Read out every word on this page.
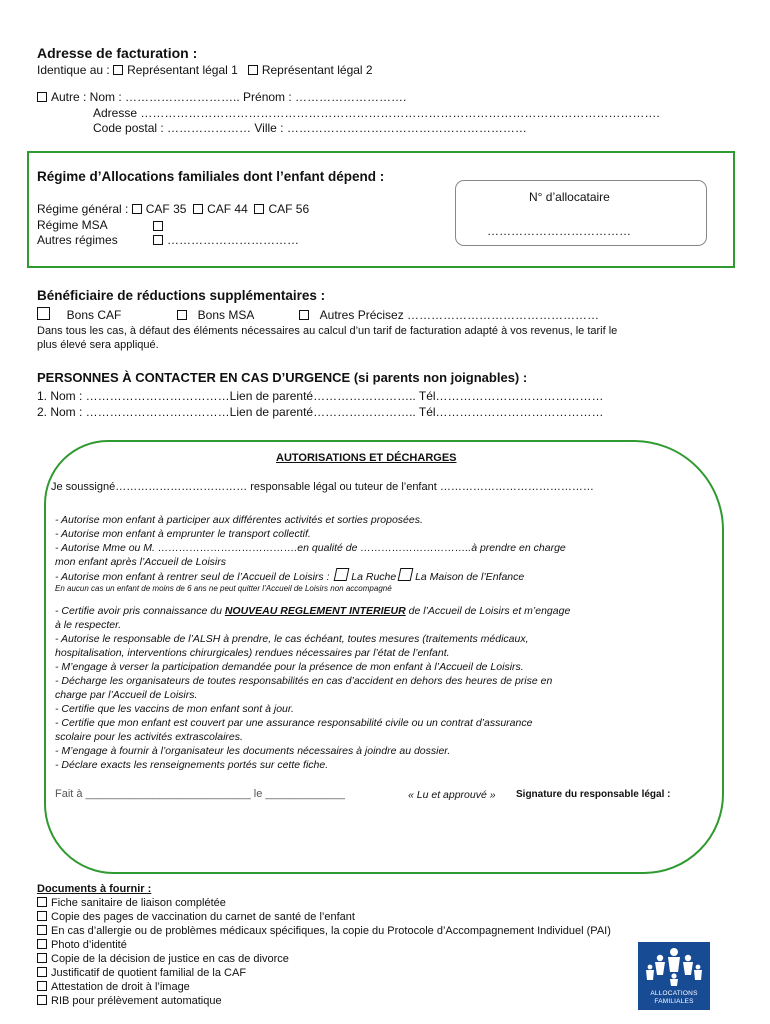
Adresse de facturation :
Identique au : Représentant légal 1 Représentant légal 2
Autre : Nom : ……………………….. Prénom : ……………………….
Adresse ………………………………………………………………………………………………………………….
Code postal : ………………… Ville : ……………………………………………………
Régime d’Allocations familiales dont l’enfant dépend :
Régime général : CAF 35 CAF 44 CAF 56
Régime MSA
Autres régimes	……………………………
N° d’allocataire
………………………………
Bénéficiaire de réductions supplémentaires :
Bons CAF	Bons MSA	Autres Précisez …………………………………………
Dans tous les cas, à défaut des éléments nécessaires au calcul d’un tarif de facturation adapté à vos revenus, le tarif le
plus élevé sera appliqué.
PERSONNES À CONTACTER EN CAS D’URGENCE (si parents non joignables) :
1. Nom : ………………………………Lien de parenté…………………….. Tél……………………………………
2. Nom : ………………………………Lien de parenté…………………….. Tél……………………………………
AUTORISATIONS ET DÉCHARGES
Je soussigné……………………………… responsable légal ou tuteur de l’enfant ……………………………………
- Autorise mon enfant à participer aux différentes activités et sorties proposées.
- Autorise mon enfant à emprunter le transport collectif.
- Autorise Mme ou M. ………………………………….en qualité de …………………………..à prendre en charge
mon enfant après l’Accueil de Loisirs
- Autorise mon enfant à rentrer seul de l’Accueil de Loisirs : La Ruche La Maison de l’Enfance
En aucun cas un enfant de moins de 6 ans ne peut quitter l’Accueil de Loisirs non accompagné
- Certifie avoir pris connaissance du NOUVEAU REGLEMENT INTERIEUR de l’Accueil de Loisirs et m’engage
à le respecter.
- Autorise le responsable de l’ALSH à prendre, le cas échéant, toutes mesures (traitements médicaux,
hospitalisation, interventions chirurgicales) rendues nécessaires par l’état de l’enfant.
- M’engage à verser la participation demandée pour la présence de mon enfant à l’Accueil de Loisirs.
- Décharge les organisateurs de toutes responsabilités en cas d’accident en dehors des heures de prise en
charge par l’Accueil de Loisirs.
- Certifie que les vaccins de mon enfant sont à jour.
- Certifie que mon enfant est couvert par une assurance responsabilité civile ou un contrat d’assurance
scolaire pour les activités extrascolaires.
- M’engage à fournir à l’organisateur les documents nécessaires à joindre au dossier.
- Déclare exacts les renseignements portés sur cette fiche.
Fait à ___________________________ le _____________	« Lu et approuvé » Signature du responsable légal :
Documents à fournir :
Fiche sanitaire de liaison complétée
Copie des pages de vaccination du carnet de santé de l’enfant
En cas d’allergie ou de problèmes médicaux spécifiques, la copie du Protocole d’Accompagnement Individuel (PAI)
Photo d’identité
Copie de la décision de justice en cas de divorce
Justificatif de quotient familial de la CAF
Attestation de droit à l’image
RIB pour prélèvement automatique
ALLOCATIONS
FAMILIALES
